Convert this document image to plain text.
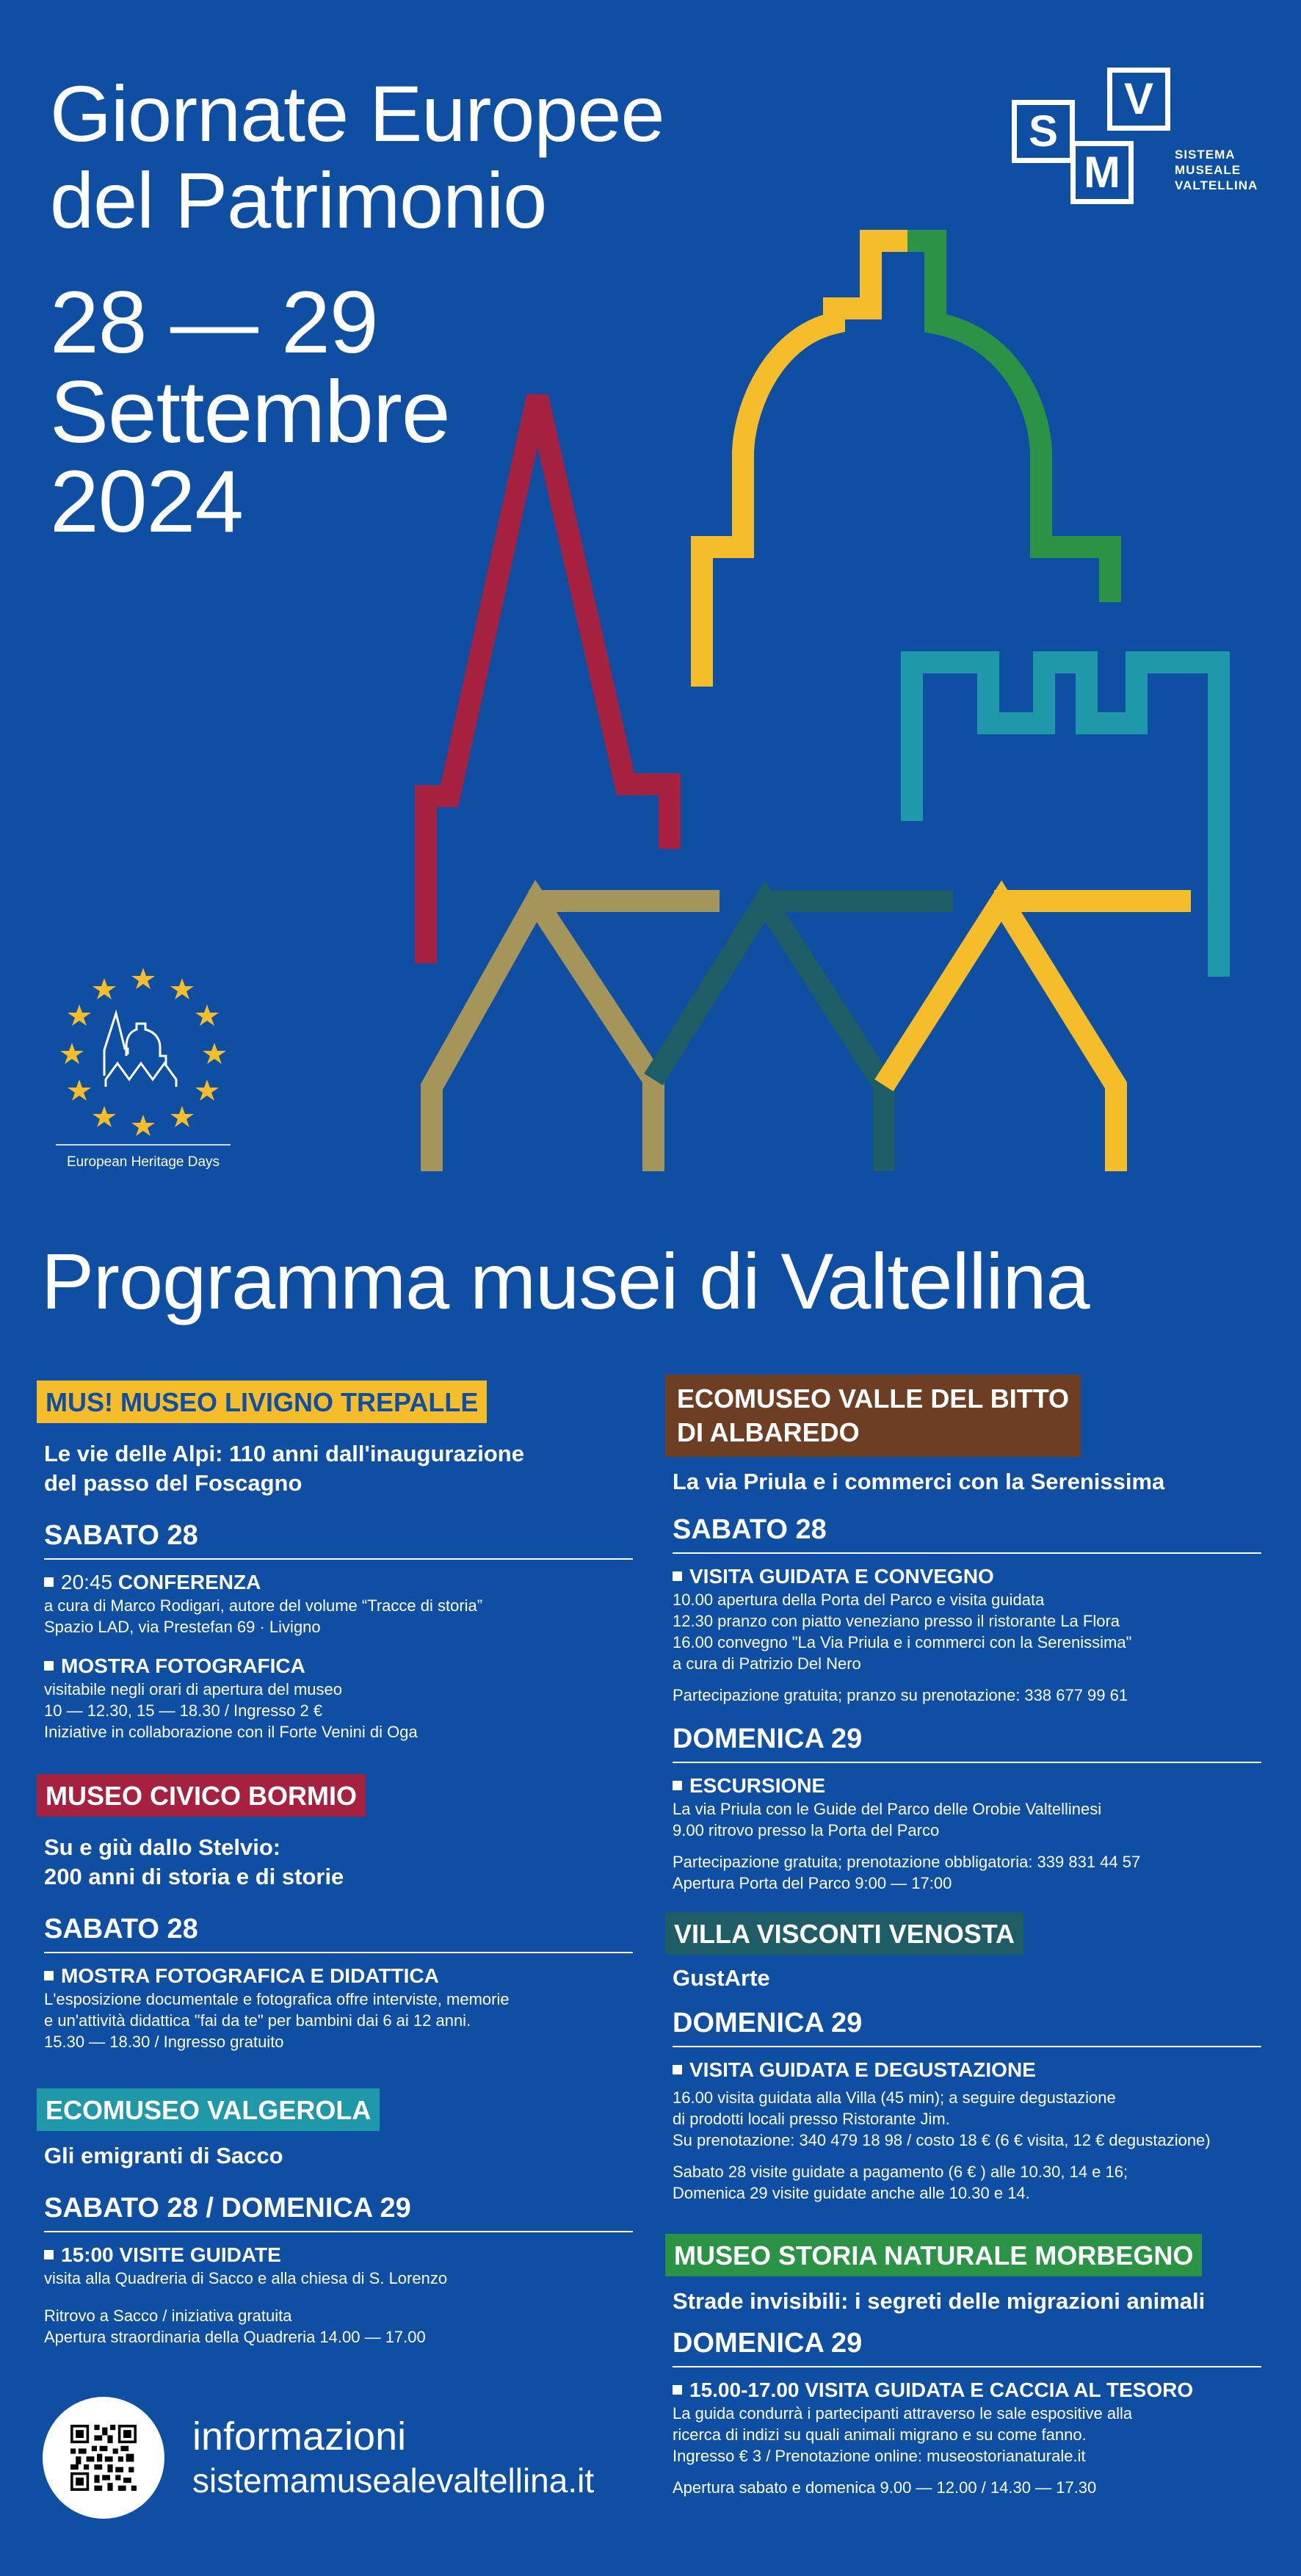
Giornate Europee
del Patrimonio
28 — 29
Settembre
2024
S
M
V
SISTEMA
MUSEALE
VALTELLINA
European Heritage Days
Programma musei di Valtellina
MUS! MUSEO LIVIGNO TREPALLE
Le vie delle Alpi: 110 anni dall'inaugurazione
del passo del Foscagno
SABATO 28
20:45 CONFERENZA
a cura di Marco Rodigari, autore del volume “Tracce di storia”
Spazio LAD, via Prestefan 69 · Livigno
MOSTRA FOTOGRAFICA
visitabile negli orari di apertura del museo
10 — 12.30, 15 — 18.30 / Ingresso 2 €
Iniziative in collaborazione con il Forte Venini di Oga
MUSEO CIVICO BORMIO
Su e giù dallo Stelvio:
200 anni di storia e di storie
SABATO 28
MOSTRA FOTOGRAFICA E DIDATTICA
L'esposizione documentale e fotografica offre interviste, memorie
e un'attività didattica "fai da te" per bambini dai 6 ai 12 anni.
15.30 — 18.30 / Ingresso gratuito
ECOMUSEO VALGEROLA
Gli emigranti di Sacco
SABATO 28 / DOMENICA 29
15:00 VISITE GUIDATE
visita alla Quadreria di Sacco e alla chiesa di S. Lorenzo
Ritrovo a Sacco / iniziativa gratuita
Apertura straordinaria della Quadreria 14.00 — 17.00
ECOMUSEO VALLE DEL BITTO
DI ALBAREDO
La via Priula e i commerci con la Serenissima
SABATO 28
VISITA GUIDATA E CONVEGNO
10.00 apertura della Porta del Parco e visita guidata
12.30 pranzo con piatto veneziano presso il ristorante La Flora
16.00 convegno "La Via Priula e i commerci con la Serenissima"
a cura di Patrizio Del Nero
Partecipazione gratuita; pranzo su prenotazione: 338 677 99 61
DOMENICA 29
ESCURSIONE
La via Priula con le Guide del Parco delle Orobie Valtellinesi
9.00 ritrovo presso la Porta del Parco
Partecipazione gratuita; prenotazione obbligatoria: 339 831 44 57
Apertura Porta del Parco 9:00 — 17:00
VILLA VISCONTI VENOSTA
GustArte
DOMENICA 29
VISITA GUIDATA E DEGUSTAZIONE
16.00 visita guidata alla Villa (45 min); a seguire degustazione
di prodotti locali presso Ristorante Jim.
Su prenotazione: 340 479 18 98 / costo 18 € (6 € visita, 12 € degustazione)
Sabato 28 visite guidate a pagamento (6 € ) alle 10.30, 14 e 16;
Domenica 29 visite guidate anche alle 10.30 e 14.
MUSEO STORIA NATURALE MORBEGNO
Strade invisibili: i segreti delle migrazioni animali
DOMENICA 29
15.00-17.00 VISITA GUIDATA E CACCIA AL TESORO
La guida condurrà i partecipanti attraverso le sale espositive alla
ricerca di indizi su quali animali migrano e su come fanno.
Ingresso € 3 / Prenotazione online: museostorianaturale.it
Apertura sabato e domenica 9.00 — 12.00 / 14.30 — 17.30
informazioni
sistemamusealevaltellina.it
